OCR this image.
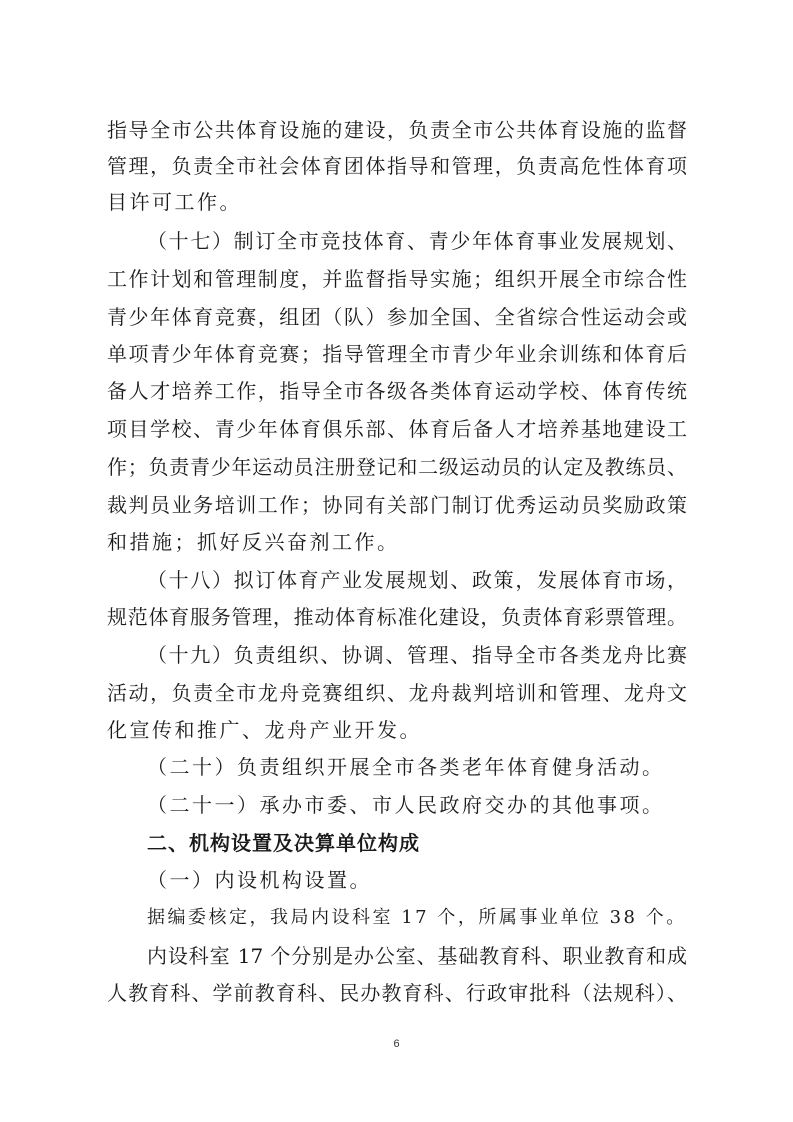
指导全市公共体育设施的建设，负责全市公共体育设施的监督
管理，负责全市社会体育团体指导和管理，负责高危性体育项
目许可工作。
（十七）制订全市竞技体育、青少年体育事业发展规划、
工作计划和管理制度，并监督指导实施；组织开展全市综合性
青少年体育竞赛，组团（队）参加全国、全省综合性运动会或
单项青少年体育竞赛；指导管理全市青少年业余训练和体育后
备人才培养工作，指导全市各级各类体育运动学校、体育传统
项目学校、青少年体育俱乐部、体育后备人才培养基地建设工
作；负责青少年运动员注册登记和二级运动员的认定及教练员、
裁判员业务培训工作；协同有关部门制订优秀运动员奖励政策
和措施；抓好反兴奋剂工作。
（十八）拟订体育产业发展规划、政策，发展体育市场，
规范体育服务管理，推动体育标准化建设，负责体育彩票管理。
（十九）负责组织、协调、管理、指导全市各类龙舟比赛
活动，负责全市龙舟竞赛组织、龙舟裁判培训和管理、龙舟文
化宣传和推广、龙舟产业开发。
（二十）负责组织开展全市各类老年体育健身活动。
（二十一）承办市委、市人民政府交办的其他事项。
二、机构设置及决算单位构成
（一）内设机构设置。
据编委核定，我局内设科室 17 个，所属事业单位 38 个。
内设科室 17 个分别是办公室、基础教育科、职业教育和成
人教育科、学前教育科、民办教育科、行政审批科（法规科）、
6
